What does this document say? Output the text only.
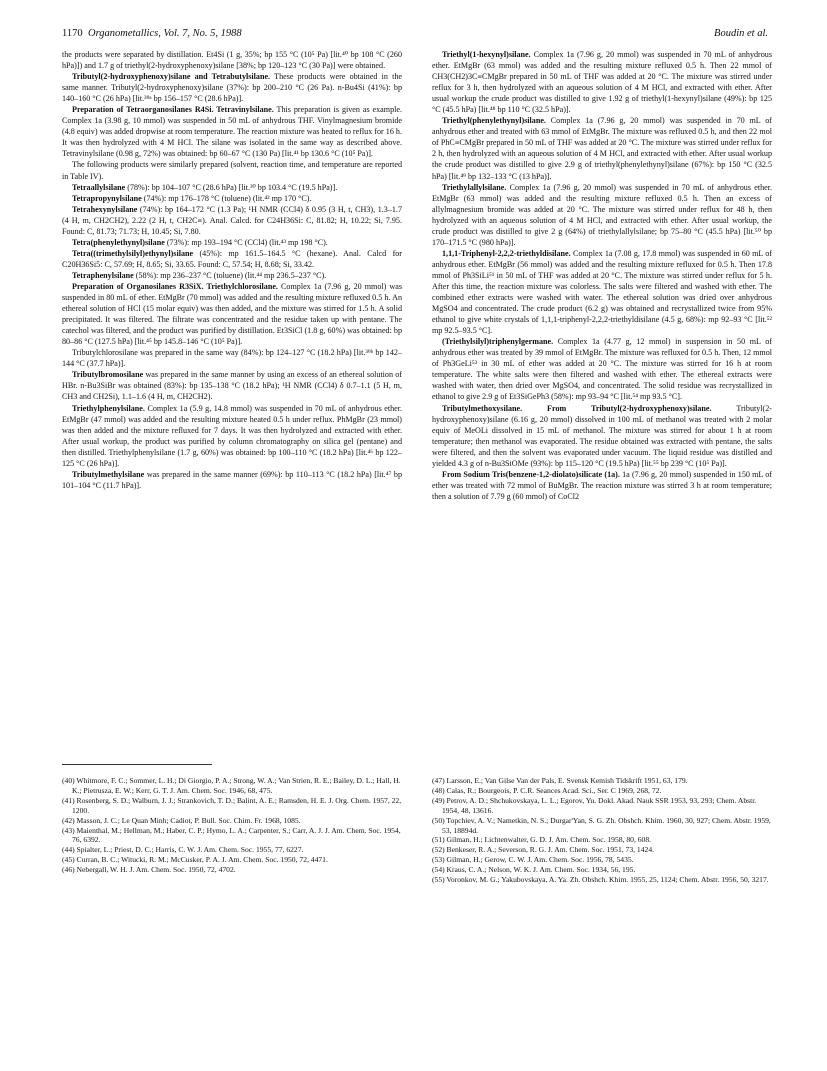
1170 Organometallics, Vol. 7, No. 5, 1988	Boudin et al.

the products were separated by distillation. Et4Si (1 g, 35%; bp 155 °C (10⁵ Pa) [lit.⁴⁰ bp 108 °C (260 hPa)]) and 1.7 g of triethyl(2-hydroxyphenoxy)silane [38%; bp 120–123 °C (30 Pa)] were obtained.

Tributyl(2-hydroxyphenoxy)silane and Tetrabutylsilane. These products were obtained in the same manner. Tributyl(2-hydroxyphenoxy)silane (37%): bp 200–210 °C (26 Pa). n-Bu4Si (41%): bp 140–160 °C (26 hPa) [lit.³⁹ᵃ bp 156–157 °C (28.6 hPa)].

Preparation of Tetraorganosilanes R4Si. Tetravinylsilane. This preparation is given as example. Complex 1a (3.98 g, 10 mmol) was suspended in 50 mL of anhydrous THF. Vinylmagnesium bromide (4.8 equiv) was added dropwise at room temperature. The reaction mixture was heated to reflux for 16 h. It was then hydrolyzed with 4 M HCl. The silane was isolated in the same way as described above. Tetravinylsilane (0.98 g, 72%) was obtained: bp 60–67 °C (130 Pa) [lit.⁴¹ bp 130.6 °C (10⁵ Pa)].

The following products were similarly prepared (solvent, reaction time, and temperature are reported in Table IV).

Tetraallylsilane (78%): bp 104–107 °C (28.6 hPa) [lit.³⁰ bp 103.4 °C (19.5 hPa)].

Tetrapropynylsilane (74%): mp 176–178 °C (toluene) (lit.⁴² mp 170 °C).

Tetrahexynylsilane (74%): bp 164–172 °C (1.3 Pa); ¹H NMR (CCl4) δ 0.95 (3 H, t, CH3), 1.3–1.7 (4 H, m, CH2CH2), 2.22 (2 H, t, CH2C≡). Anal. Calcd. for C24H36Si: C, 81.82; H, 10.22; Si, 7.95. Found: C, 81.73; 71.73; H, 10.45; Si, 7.80.

Tetra(phenylethynyl)silane (73%): mp 193–194 °C (CCl4) (lit.⁴³ mp 198 °C).

Tetra((trimethylsilyl)ethynyl)silane (45%): mp 161.5–164.5 °C (hexane). Anal. Calcd for C20H36Si5: C, 57.69; H, 8.65; Si, 33.65. Found: C, 57.54; H, 8.68; Si, 33.42.

Tetraphenylsilane (58%): mp 236–237 °C (toluene) (lit.⁴⁴ mp 236.5–237 °C).

Preparation of Organosilanes R3SiX. Triethylchlorosilane. Complex 1a (7.96 g, 20 mmol) was suspended in 80 mL of ether. EtMgBr (70 mmol) was added and the resulting mixture refluxed 0.5 h. An ethereal solution of HCl (15 molar equiv) was then added, and the mixture was stirred for 1.5 h. A solid precipitated. It was filtered. The filtrate was concentrated and the residue taken up with pentane. The catechol was filtered, and the product was purified by distillation. Et3SiCl (1.8 g, 60%) was obtained: bp 80–86 °C (127.5 hPa) [lit.⁴⁵ bp 145.8–146 °C (10⁵ Pa)].

Tributylchlorosilane was prepared in the same way (84%): bp 124–127 °C (18.2 hPa) [lit.³⁹ᵇ bp 142–144 °C (37.7 hPa)].

Tributylbromosilane was prepared in the same manner by using an excess of an ethereal solution of HBr. n-Bu3SiBr was obtained (83%): bp 135–138 °C (18.2 hPa); ¹H NMR (CCl4) δ 0.7–1.1 (5 H, m, CH3 and CH2Si), 1.1–1.6 (4 H, m, CH2CH2).

Triethylphenylsilane. Complex 1a (5.9 g, 14.8 mmol) was suspended in 70 mL of anhydrous ether. EtMgBr (47 mmol) was added and the resulting mixture heated 0.5 h under reflux. PhMgBr (23 mmol) was then added and the mixture refluxed for 7 days. It was then hydrolyzed and extracted with ether. After usual workup, the product was purified by column chromatography on silica gel (pentane) and then distilled. Triethylphenylsilane (1.7 g, 60%) was obtained: bp 100–110 °C (18.2 hPa) [lit.⁴⁶ bp 122–125 °C (26 hPa)].

Tributylmethylsilane was prepared in the same manner (69%): bp 110–113 °C (18.2 hPa) [lit.⁴⁷ bp 101–104 °C (11.7 hPa)].

Triethyl(1-hexynyl)silane. Complex 1a (7.96 g, 20 mmol) was suspended in 70 mL of anhydrous ether. EtMgBr (63 mmol) was added and the resulting mixture refluxed 0.5 h. Then 22 mmol of CH3(CH2)3C≡CMgBr prepared in 50 mL of THF was added at 20 °C. The mixture was stirred under reflux for 3 h, then hydrolyzed with an aqueous solution of 4 M HCl, and extracted with ether. After usual workup the crude product was distilled to give 1.92 g of triethyl(1-hexynyl)silane (49%): bp 125 °C (45.5 hPa) [lit.⁴⁸ bp 110 °C (32.5 hPa)].

Triethyl(phenylethynyl)silane. Complex 1a (7.96 g, 20 mmol) was suspended in 70 mL of anhydrous ether and treated with 63 mmol of EtMgBr. The mixture was refluxed 0.5 h, and then 22 mol of PhC≡CMgBr prepared in 50 mL of THF was added at 20 °C. The mixture was stirred under reflux for 2 h, then hydrolyzed with an aqueous solution of 4 M HCl, and extracted with ether. After usual workup the crude product was distilled to give 2.9 g of triethyl(phenylethynyl)silane (67%): bp 150 °C (32.5 hPa) [lit.⁴⁹ bp 132–133 °C (13 hPa)].

Triethylallylsilane. Complex 1a (7.96 g, 20 mmol) was suspended in 70 mL of anhydrous ether. EtMgBr (63 mmol) was added and the resulting mixture refluxed 0.5 h. Then an excess of allylmagnesium bromide was added at 20 °C. The mixture was stirred under reflux for 48 h, then hydrolyzed with an aqueous solution of 4 M HCl, and extracted with ether. After usual workup, the crude product was distilled to give 2 g (64%) of triethylallylsilane; bp 75–80 °C (45.5 hPa) [lit.⁵⁰ bp 170–171.5 °C (980 hPa)].

1,1,1-Triphenyl-2,2,2-triethyldisilane. Complex 1a (7.08 g, 17.8 mmol) was suspended in 60 mL of anhydrous ether. EtMgBr (56 mmol) was added and the resulting mixture refluxed for 0.5 h. Then 17.8 mmol of Ph3SiLi⁵¹ in 50 mL of THF was added at 20 °C. The mixture was stirred under reflux for 5 h. After this time, the reaction mixture was colorless. The salts were filtered and washed with ether. The combined ether extracts were washed with water. The ethereal solution was dried over anhydrous MgSO4 and concentrated. The crude product (6.2 g) was obtained and recrystallized twice from 95% ethanol to give white crystals of 1,1,1-triphenyl-2,2,2-triethyldisilane (4.5 g, 68%): mp 92–93 °C [lit.⁵² mp 92.5–93.5 °C].

(Triethylsilyl)triphenylgermane. Complex 1a (4.77 g, 12 mmol) in suspension in 50 mL of anhydrous ether was treated by 39 mmol of EtMgBr. The mixture was refluxed for 0.5 h. Then, 12 mmol of Ph3GeLi⁵³ in 30 mL of ether was added at 20 °C. The mixture was stirred for 16 h at room temperature. The white salts were then filtered and washed with ether. The ethereal extracts were washed with water, then dried over MgSO4, and concentrated. The solid residue was recrystallized in ethanol to give 2.9 g of Et3SiGePh3 (58%): mp 93–94 °C [lit.⁵⁴ mp 93.5 °C].

Tributylmethoxysilane. From Tributyl(2-hydroxyphenoxy)silane.	Tributyl(2-hydroxyphenoxy)silane (6.16 g, 20 mmol) dissolved in 100 mL of methanol was treated with 2 molar equiv of MeOLi dissolved in 15 mL of methanol. The mixture was stirred for about 1 h at room temperature; then methanol was evaporated. The residue obtained was extracted with pentane, the salts were filtered, and then the solvent was evaporated under vacuum. The liquid residue was distilled and yielded 4.3 g of n-Bu3SiOMe (93%): bp 115–120 °C (19.5 hPa) [lit.⁵⁵ bp 239 °C (10⁵ Pa)].

From Sodium Tris(benzene-1,2-diolato)silicate (1a). 1a (7.96 g, 20 mmol) suspended in 150 mL of ether was treated with 72 mmol of BuMgBr. The reaction mixture was stirred 3 h at room temperature; then a solution of 7.79 g (60 mmol) of CoCl2

(40) Whitmore, F. C.; Sommer, L. H.; Di Giorgio, P. A.; Strong, W. A.; Van Strien, R. E.; Bailey, D. L.; Hall, H. K.; Pietrusza, E. W.; Kerr, G. T. J. Am. Chem. Soc. 1946, 68, 475.
(41) Rosenberg, S. D.; Walburn, J. J.; Strankovich, T. D.; Balint, A. E.; Ramsden, H. E. J. Org. Chem. 1957, 22, 1200.
(42) Masson, J. C.; Le Quan Minh; Cadiot, P. Bull. Soc. Chim. Fr. 1968, 1085.
(43) Maienthal, M.; Hellman, M.; Haber, C. P.; Hymo, L. A.; Carpenter, S.; Carr, A. J. J. Am. Chem. Soc. 1954, 76, 6392.
(44) Spialter, L.; Priest, D. C.; Harris, C. W. J. Am. Chem. Soc. 1955, 77, 6227.
(45) Curran, B. C.; Witucki, R. M.; McCusker, P. A. J. Am. Chem. Soc. 1950, 72, 4471.
(46) Nebergall, W. H. J. Am. Chem. Soc. 1950, 72, 4702.
(47) Larsson, E.; Van Gilse Van der Pals, E. Svensk Kemish Tidskrift 1951, 63, 179.
(48) Calas, R.; Bourgeois, P. C.R. Seances Acad. Sci., Ser. C 1969, 268, 72.
(49) Petrov, A. D.; Shchukovskaya, L. L.; Egorov, Yu. Dokl. Akad. Nauk SSR 1953, 93, 293; Chem. Abstr. 1954, 48, 13616.
(50) Topchiev, A. V.; Nametkin, N. S.; Durgar'Yan, S. G. Zh. Obshch. Khim. 1960, 30, 927; Chem. Abstr. 1959, 53, 18894d.
(51) Gilman, H.; Lichtenwalter, G. D. J. Am. Chem. Soc. 1958, 80, 608.
(52) Benkeser, R. A.; Severson, R. G. J. Am. Chem. Soc. 1951, 73, 1424.
(53) Gilman, H.; Gerow, C. W. J. Am. Chem. Soc. 1956, 78, 5435.
(54) Kraus, C. A.; Nelson, W. K. J. Am. Chem. Soc. 1934, 56, 195.
(55) Voronkov, M. G.; Yakubovskaya, A. Ya. Zh. Obshch. Khim. 1955, 25, 1124; Chem. Abstr. 1956, 50, 3217.
